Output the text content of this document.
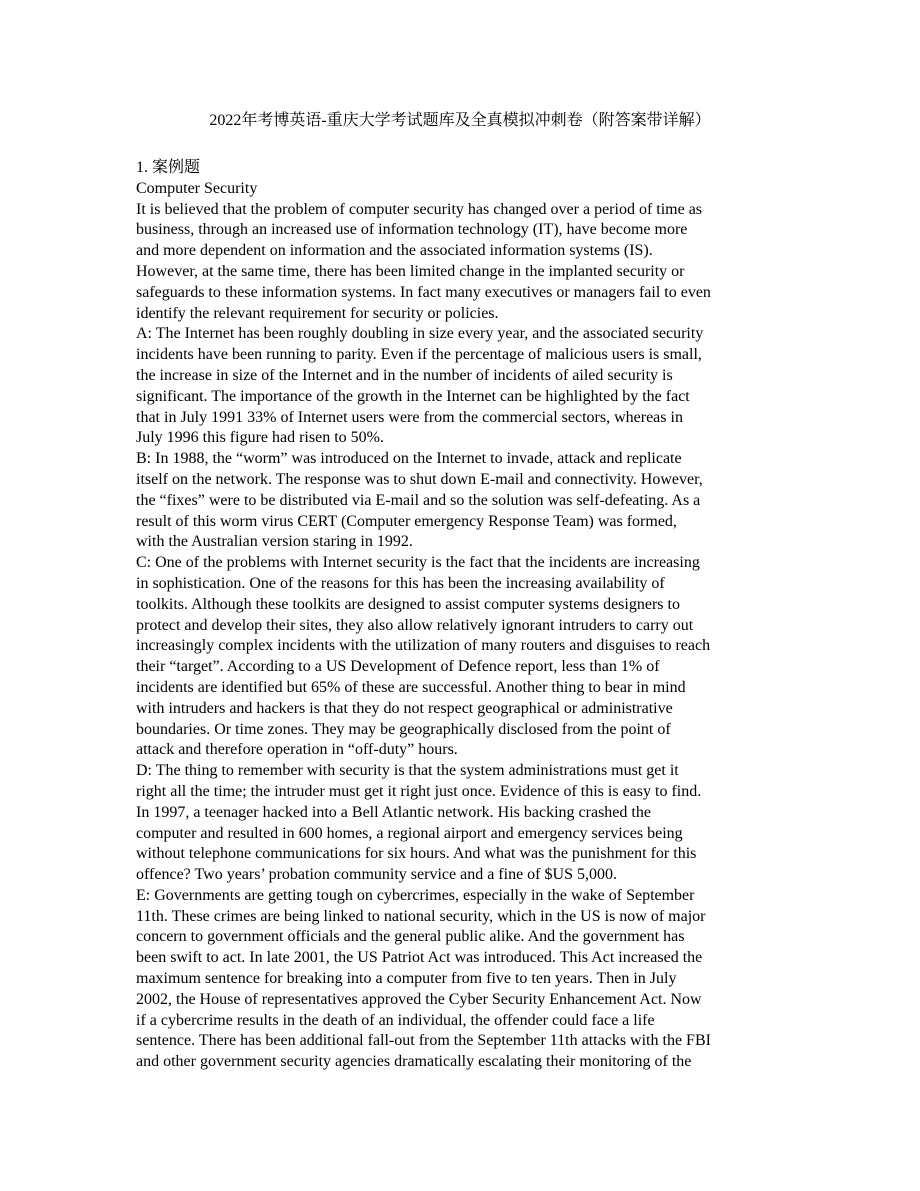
2022年考博英语-重庆大学考试题库及全真模拟冲刺卷（附答案带详解）
1. 案例题
Computer Security
It is believed that the problem of computer security has changed over a period of time as
business, through an increased use of information technology (IT), have become more
and more dependent on information and the associated information systems (IS).
However, at the same time, there has been limited change in the implanted security or
safeguards to these information systems. In fact many executives or managers fail to even
identify the relevant requirement for security or policies.
A: The Internet has been roughly doubling in size every year, and the associated security
incidents have been running to parity. Even if the percentage of malicious users is small,
the increase in size of the Internet and in the number of incidents of ailed security is
significant. The importance of the growth in the Internet can be highlighted by the fact
that in July 1991 33% of Internet users were from the commercial sectors, whereas in
July 1996 this figure had risen to 50%.
B: In 1988, the “worm” was introduced on the Internet to invade, attack and replicate
itself on the network. The response was to shut down E-mail and connectivity. However,
the “fixes” were to be distributed via E-mail and so the solution was self-defeating. As a
result of this worm virus CERT (Computer emergency Response Team) was formed,
with the Australian version staring in 1992.
C: One of the problems with Internet security is the fact that the incidents are increasing
in sophistication. One of the reasons for this has been the increasing availability of
toolkits. Although these toolkits are designed to assist computer systems designers to
protect and develop their sites, they also allow relatively ignorant intruders to carry out
increasingly complex incidents with the utilization of many routers and disguises to reach
their “target”. According to a US Development of Defence report, less than 1% of
incidents are identified but 65% of these are successful. Another thing to bear in mind
with intruders and hackers is that they do not respect geographical or administrative
boundaries. Or time zones. They may be geographically disclosed from the point of
attack and therefore operation in “off-duty” hours.
D: The thing to remember with security is that the system administrations must get it
right all the time; the intruder must get it right just once. Evidence of this is easy to find.
In 1997, a teenager hacked into a Bell Atlantic network. His backing crashed the
computer and resulted in 600 homes, a regional airport and emergency services being
without telephone communications for six hours. And what was the punishment for this
offence? Two years’ probation community service and a fine of $US 5,000.
E: Governments are getting tough on cybercrimes, especially in the wake of September
11th. These crimes are being linked to national security, which in the US is now of major
concern to government officials and the general public alike. And the government has
been swift to act. In late 2001, the US Patriot Act was introduced. This Act increased the
maximum sentence for breaking into a computer from five to ten years. Then in July
2002, the House of representatives approved the Cyber Security Enhancement Act. Now
if a cybercrime results in the death of an individual, the offender could face a life
sentence. There has been additional fall-out from the September 11th attacks with the FBI
and other government security agencies dramatically escalating their monitoring of the
